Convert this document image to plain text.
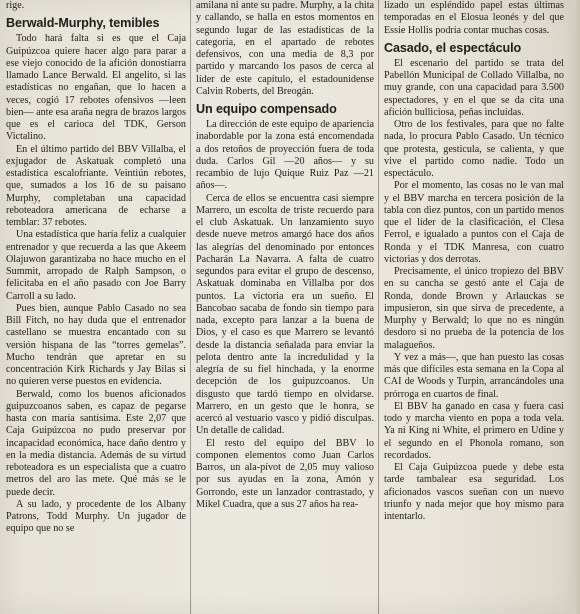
rige.

Berwald-Murphy, temibles

Todo hará falta si es que el Caja Guipúzcoa quiere hacer algo para parar a ese viejo conocido de la afición donostiarra llamado Lance Berwald. El angelito, si las estadísticas no engañan, que lo hacen a veces, cogió 17 rebotes ofensivos —leen bien— ante esa araña negra de brazos largos que es el carioca del TDK, Gerson Victalino.

En el último partido del BBV Villalba, el exjugador de Askatuak completó una estadística escalofriante. Veintiún rebotes, que, sumados a los 16 de su paisano Murphy, completaban una capacidad reboteadora americana de echarse a temblar: 37 rebotes.

Una estadística que haría feliz a cualquier entrenador y que recuerda a las que Akeem Olajuwon garantizaba no hace mucho en el Summit, arropado de Ralph Sampson, o felicitaba en el año pasado con Joe Barry Carroll a su lado.

Pues bien, aunque Pablo Casado no sea Bill Fitch, no hay duda que el entrenador castellano se muestra encantado con su versión hispana de las “torres gemelas”. Mucho tendrán que apretar en su concentración Kirk Richards y Jay Bilas si no quieren verse puestos en evidencia.

Berwald, como los buenos aficionados guipuzcoanos saben, es capaz de pegarse hasta con maría santísima. Este 2,07 que Caja Guipúzcoa no pudo preservar por incapacidad económica, hace daño dentro y en la media distancia. Además de su virtud reboteadora es un especialista que a cuatro metros del aro las mete. Qué más se le puede decir.

A su lado, y procedente de los Albany Patrons, Todd Murphy. Un jugador de equipo que no se

amilana ni ante su padre. Murphy, a la chita y callando, se halla en estos momentos en segundo lugar de las estadísticas de la categoría, en el apartado de rebotes defensivos, con una media de 8,3 por partido y marcando los pasos de cerca al líder de este capítulo, el estadounidense Calvin Roberts, del Breogán.

Un equipo compensado

La dirección de este equipo de apariencia inabordable por la zona está encomendada a dos retoños de proyección fuera de toda duda. Carlos Gil —20 años— y su recambio de lujo Quique Ruiz Paz —21 años—.

Cerca de ellos se encuentra casi siempre Marrero, un escolta de triste recuerdo para el club Askatuak. Un lanzamiento suyo desde nueve metros amargó hace dos años las alegrías del denominado por entonces Pacharán La Navarra. A falta de cuatro segundos para evitar el grupo de descenso, Askatuak dominaba en Villalba por dos puntos. La victoria era un sueño. El Bancobao sacaba de fondo sin tiempo para nada, excepto para lanzar a la buena de Dios, y el caso es que Marrero se levantó desde la distancia señalada para enviar la pelota dentro ante la incredulidad y la alegría de su fiel hinchada, y la enorme decepción de los guipuzcoanos. Un disgusto que tardó tiempo en olvidarse. Marrero, en un gesto que le honra, se acercó al vestuario vasco y pidió disculpas. Un detalle de calidad.

El resto del equipo del BBV lo componen elementos como Juan Carlos Barros, un ala-pívot de 2,05 muy valioso por sus ayudas en la zona, Amón y Gorrondo, este un lanzador contrastado, y Mikel Cuadra, que a sus 27 años ha rea-

lizado un espléndido papel estas últimas temporadas en el Elosua leonés y del que Essie Hollis podría contar muchas cosas.

Casado, el espectáculo

El escenario del partido se trata del Pabellón Municipal de Collado Villalba, no muy grande, con una capacidad para 3.500 espectadores, y en el que se da cita una afición bulliciosa, peñas incluidas.

Otro de los festivales, para que no falte nada, lo procura Pablo Casado. Un técnico que protesta, gesticula, se calienta, y que vive el partido como nadie. Todo un espectáculo.

Por el momento, las cosas no le van mal y el BBV marcha en tercera posición de la tabla con diez puntos, con un partido menos que el líder de la clasificación, el Clesa Ferrol, e igualado a puntos con el Caja de Ronda y el TDK Manresa, con cuatro victorias y dos derrotas.

Precisamente, el único tropiezo del BBV en su cancha se gestó ante el Caja de Ronda, donde Brown y Arlauckas se impusieron, sin que sirva de precedente, a Murphy y Berwald; lo que no es ningún desdoro si no prueba de la potencia de los malagueños.

Y vez a más—, que han puesto las cosas más que difíciles esta semana en la Copa al CAI de Woods y Turpin, arrancándoles una prórroga en cuartos de final.

El BBV ha ganado en casa y fuera casi todo y marcha viento en popa a toda vela. Ya ni King ni White, el primero en Udine y el segundo en el Phonola romano, son recordados.

El Caja Guipúzcoa puede y debe esta tarde tambalear esa seguridad. Los aficionados vascos sueñan con un nuevo triunfo y nada mejor que hoy mismo para intentarlo.
